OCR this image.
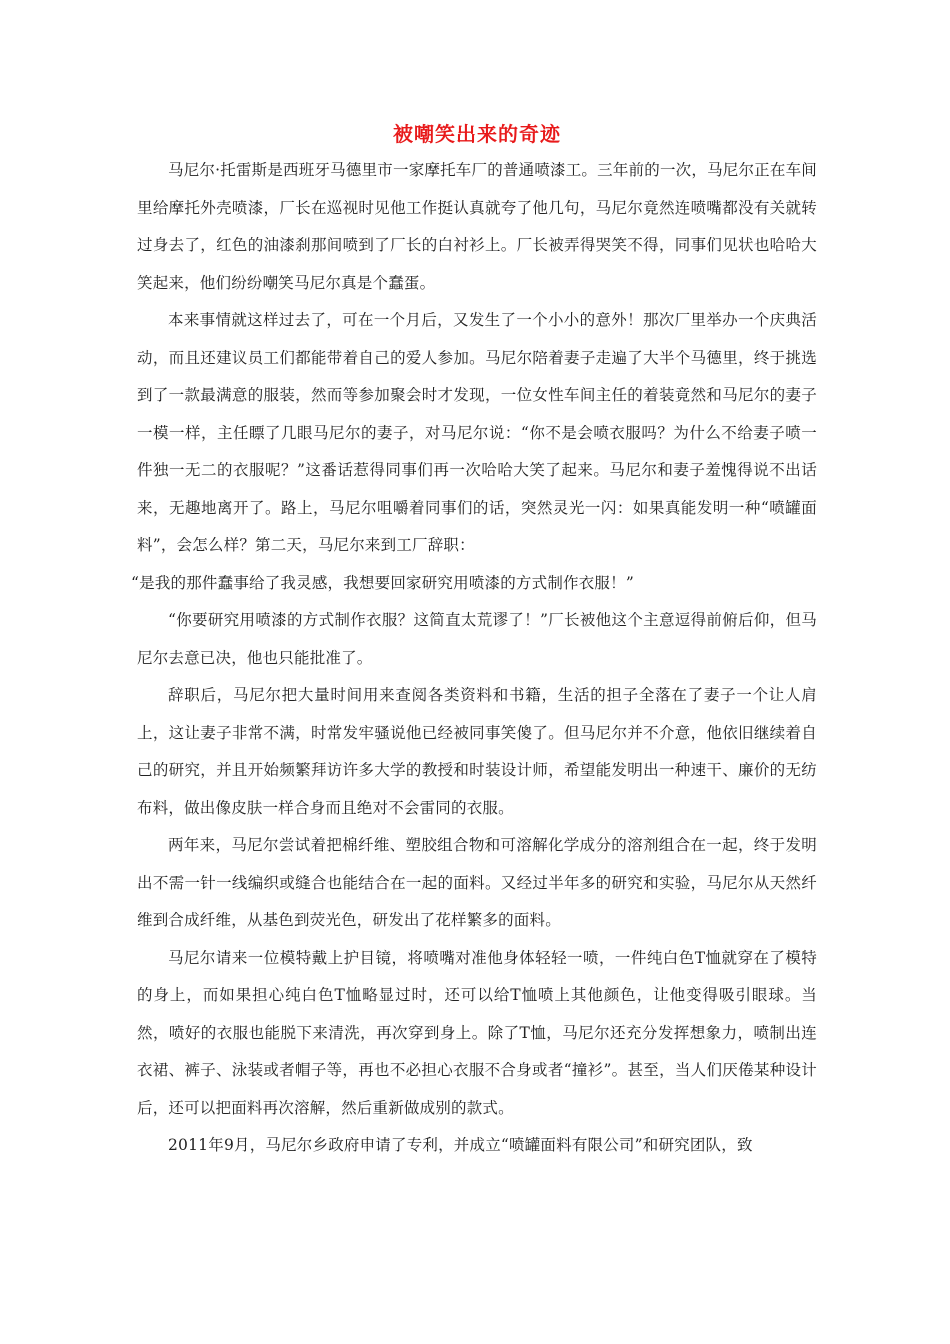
被嘲笑出来的奇迹

马尼尔·托雷斯是西班牙马德里市一家摩托车厂的普通喷漆工。三年前的一次，马尼尔正在车间里给摩托外壳喷漆，厂长在巡视时见他工作挺认真就夸了他几句，马尼尔竟然连喷嘴都没有关就转过身去了，红色的油漆刹那间喷到了厂长的白衬衫上。厂长被弄得哭笑不得，同事们见状也哈哈大笑起来，他们纷纷嘲笑马尼尔真是个蠢蛋。

本来事情就这样过去了，可在一个月后，又发生了一个小小的意外！那次厂里举办一个庆典活动，而且还建议员工们都能带着自己的爱人参加。马尼尔陪着妻子走遍了大半个马德里，终于挑选到了一款最满意的服装，然而等参加聚会时才发现，一位女性车间主任的着装竟然和马尼尔的妻子一模一样，主任瞟了几眼马尼尔的妻子，对马尼尔说：“你不是会喷衣服吗？为什么不给妻子喷一件独一无二的衣服呢？”这番话惹得同事们再一次哈哈大笑了起来。马尼尔和妻子羞愧得说不出话来，无趣地离开了。路上，马尼尔咀嚼着同事们的话，突然灵光一闪：如果真能发明一种“喷罐面料”，会怎么样？第二天，马尼尔来到工厂辞职：

“是我的那件蠢事给了我灵感，我想要回家研究用喷漆的方式制作衣服！”

“你要研究用喷漆的方式制作衣服？这简直太荒谬了！”厂长被他这个主意逗得前俯后仰，但马尼尔去意已决，他也只能批准了。

辞职后，马尼尔把大量时间用来查阅各类资料和书籍，生活的担子全落在了妻子一个让人肩上，这让妻子非常不满，时常发牢骚说他已经被同事笑傻了。但马尼尔并不介意，他依旧继续着自己的研究，并且开始频繁拜访许多大学的教授和时装设计师，希望能发明出一种速干、廉价的无纺布料，做出像皮肤一样合身而且绝对不会雷同的衣服。

两年来，马尼尔尝试着把棉纤维、塑胶组合物和可溶解化学成分的溶剂组合在一起，终于发明出不需一针一线编织或缝合也能结合在一起的面料。又经过半年多的研究和实验，马尼尔从天然纤维到合成纤维，从基色到荧光色，研发出了花样繁多的面料。

马尼尔请来一位模特戴上护目镜，将喷嘴对准他身体轻轻一喷，一件纯白色T恤就穿在了模特的身上，而如果担心纯白色T恤略显过时，还可以给T恤喷上其他颜色，让他变得吸引眼球。当然，喷好的衣服也能脱下来清洗，再次穿到身上。除了T恤，马尼尔还充分发挥想象力，喷制出连衣裙、裤子、泳装或者帽子等，再也不必担心衣服不合身或者“撞衫”。甚至，当人们厌倦某种设计后，还可以把面料再次溶解，然后重新做成别的款式。

2011年9月，马尼尔乡政府申请了专利，并成立“喷罐面料有限公司”和研究团队，致
